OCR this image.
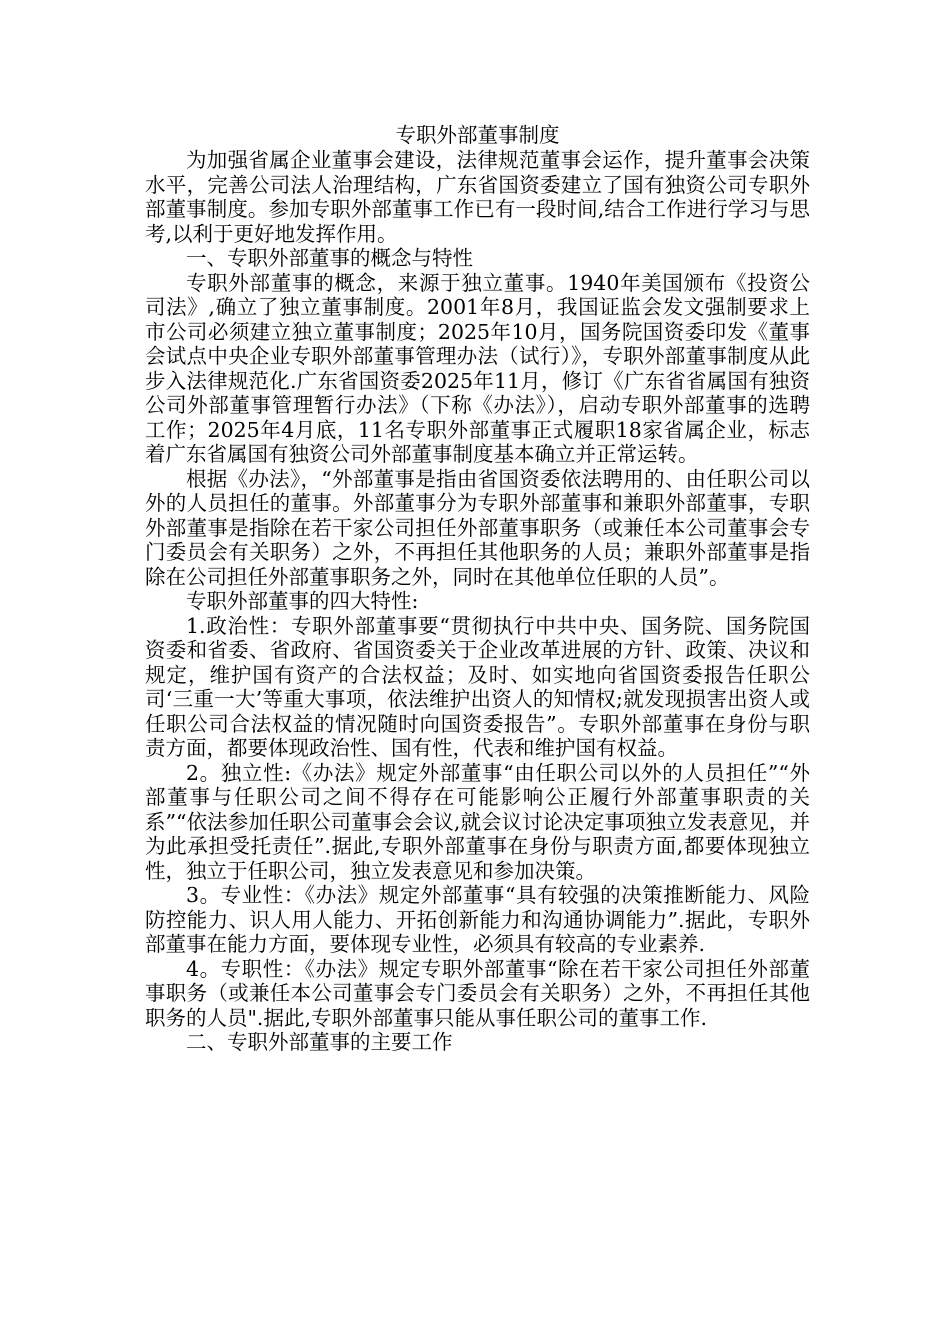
专职外部董事制度

为加强省属企业董事会建设，法律规范董事会运作，提升董事会决策水平，完善公司法人治理结构，广东省国资委建立了国有独资公司专职外部董事制度。参加专职外部董事工作已有一段时间,结合工作进行学习与思考,以利于更好地发挥作用。

一、专职外部董事的概念与特性

专职外部董事的概念，来源于独立董事。1940年美国颁布《投资公司法》,确立了独立董事制度。2001年8月，我国证监会发文强制要求上市公司必须建立独立董事制度；2025年10月，国务院国资委印发《董事会试点中央企业专职外部董事管理办法（试行）》，专职外部董事制度从此步入法律规范化.广东省国资委2025年11月，修订《广东省省属国有独资公司外部董事管理暂行办法》（下称《办法》），启动专职外部董事的选聘工作；2025年4月底，11名专职外部董事正式履职18家省属企业，标志着广东省属国有独资公司外部董事制度基本确立并正常运转。

根据《办法》，“外部董事是指由省国资委依法聘用的、由任职公司以外的人员担任的董事。外部董事分为专职外部董事和兼职外部董事，专职外部董事是指除在若干家公司担任外部董事职务（或兼任本公司董事会专门委员会有关职务）之外，不再担任其他职务的人员；兼职外部董事是指除在公司担任外部董事职务之外，同时在其他单位任职的人员”。

专职外部董事的四大特性:

1.政治性：专职外部董事要“贯彻执行中共中央、国务院、国务院国资委和省委、省政府、省国资委关于企业改革进展的方针、政策、决议和规定，维护国有资产的合法权益；及时、如实地向省国资委报告任职公司‘三重一大’等重大事项，依法维护出资人的知情权;就发现损害出资人或任职公司合法权益的情况随时向国资委报告”。专职外部董事在身份与职责方面，都要体现政治性、国有性，代表和维护国有权益。

2。独立性:《办法》规定外部董事“由任职公司以外的人员担任”“外部董事与任职公司之间不得存在可能影响公正履行外部董事职责的关系”“依法参加任职公司董事会会议,就会议讨论决定事项独立发表意见，并为此承担受托责任”.据此,专职外部董事在身份与职责方面,都要体现独立性，独立于任职公司，独立发表意见和参加决策。

3。专业性：《办法》规定外部董事“具有较强的决策推断能力、风险防控能力、识人用人能力、开拓创新能力和沟通协调能力”.据此，专职外部董事在能力方面，要体现专业性，必须具有较高的专业素养.

4。专职性：《办法》规定专职外部董事“除在若干家公司担任外部董事职务（或兼任本公司董事会专门委员会有关职务）之外，不再担任其他职务的人员".据此,专职外部董事只能从事任职公司的董事工作.

二、专职外部董事的主要工作
